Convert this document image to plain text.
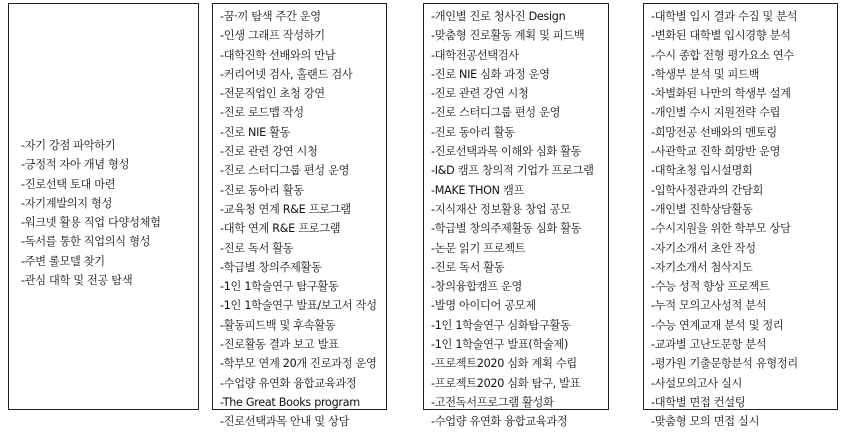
-자기 강점 파악하기
-긍정적 자아 개념 형성
-진로선택 토대 마련
-자기계발의지 형성
-워크넷 활용 직업 다양성체험
-독서를 통한 직업의식 형성
-주변 롤모델 찾기
-관심 대학 및 전공 탐색
-꿈·끼 탐색 주간 운영
-인생 그래프 작성하기
-대학진학 선배와의 만남
-커리어넷 검사, 홀랜드 검사
-전문직업인 초청 강연
-진로 로드맵 작성
-진로 NIE 활동
-진로 관련 강연 시청
-진로 스터디그룹 편성 운영
-진로 동아리 활동
-교육청 연계 R&E 프로그램
-대학 연계 R&E 프로그램
-진로 독서 활동
-학급별 창의주제활동
-1인 1학술연구 탐구활동
-1인 1학술연구 발표/보고서 작성
-활동피드백 및 후속활동
-진로활동 결과 보고 발표
-학부모 연계 20개 진로과정 운영
-수업량 유연화 융합교육과정
-The Great Books program
-진로선택과목 안내 및 상담
-개인별 진로 청사진 Design
-맞춤형 진로활동 계획 및 피드백
-대학전공선택검사
-진로 NIE 심화 과정 운영
-진로 관련 강연 시청
-진로 스터디그룹 편성 운영
-진로 동아리 활동
-진로선택과목 이해와 심화 활동
-I&D 캠프 창의적 기업가 프로그램
-MAKE THON 캠프
-지식재산 정보활용 창업 공모
-학급별 창의주제활동 심화 활동
-논문 읽기 프로젝트
-진로 독서 활동
-창의융합캠프 운영
-발명 아이디어 공모제
-1인 1학술연구 심화탐구활동
-1인 1학술연구 발표(학술제)
-프로젝트2020 심화 계획 수립
-프로젝트2020 심화 탐구, 발표
-고전독서프로그램 활성화
-수업량 유연화 융합교육과정
-대학별 입시 결과 수집 및 분석
-변화된 대학별 입시경향 분석
-수시 종합 전형 평가요소 연수
-학생부 분석 및 피드백
-차별화된 나만의 학생부 설계
-개인별 수시 지원전략 수립
-희망전공 선배와의 멘토링
-사관학교 진학 희망반 운영
-대학초청 입시설명회
-입학사정관과의 간담회
-개인별 진학상담활동
-수시지원을 위한 학부모 상담
-자기소개서 초안 작성
-자기소개서 첨삭지도
-수능 성적 향상 프로젝트
-누적 모의고사성적 분석
-수능 연계교재 분석 및 정리
-교과별 고난도문항 분석
-평가원 기출문항분석 유형정리
-사설모의고사 실시
-대학별 면접 컨설팅
-맞춤형 모의 면접 실시
